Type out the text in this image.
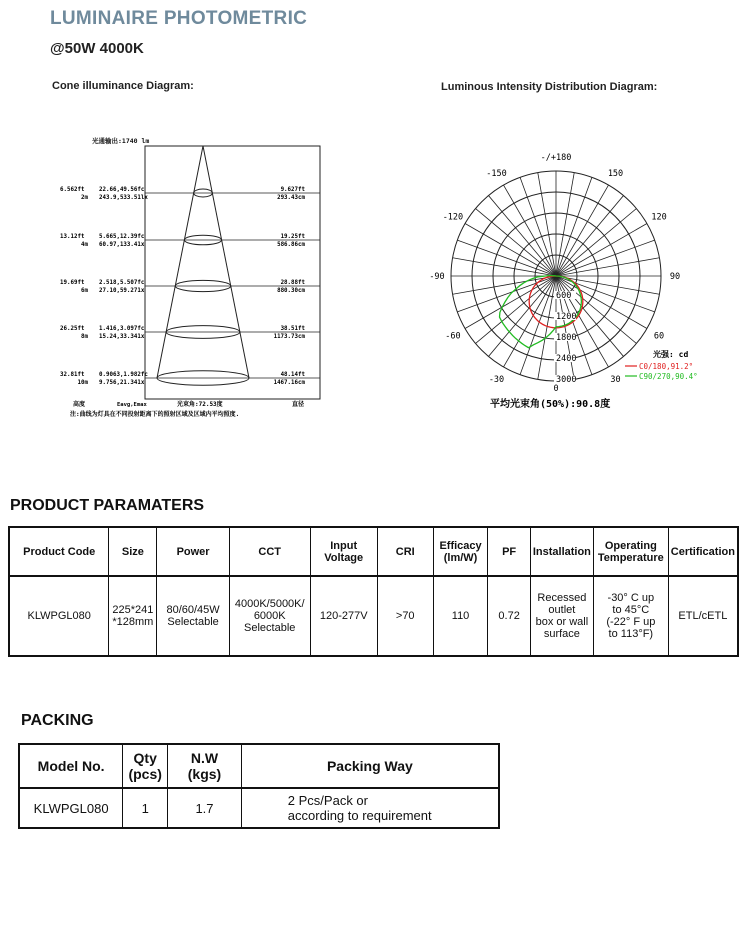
LUMINAIRE PHOTOMETRIC
@50W 4000K
Cone illuminance Diagram:
光通输出:1740 lm
6.562ft
2m
22.66,49.56fc
243.9,533.51lx
9.627ft
293.43cm
13.12ft
4m
5.665,12.39fc
60.97,133.41x
19.25ft
586.86cm
19.69ft
6m
2.518,5.507fc
27.10,59.271x
28.88ft
880.30cm
26.25ft
8m
1.416,3.097fc
15.24,33.341x
38.51ft
1173.73cm
32.81ft
10m
0.9063,1.982fc
9.756,21.341x
48.14ft
1467.16cm
高度	Eavg,Emax	光束角:72.53度	直径
注:曲线为灯具在不同投射距离下的照射区域及区域内平均照度.
Luminous Intensity Distribution Diagram:
-/+180
-150	150
-120	120
-90	90
-60	60
-30	30
0
600
1200
1800
2400
3000
光强: cd
C0/180,91.2°
C90/270,90.4°
平均光束角(50%):90.8度
PRODUCT PARAMATERS
Product Code	Size	Power	CCT	Input
Voltage	CRI	Efficacy
(lm/W)	PF	Installation	Operating
Temperature	Certification
KLWPGL080	225*241
*128mm	80/60/45W
Selectable	4000K/5000K/
6000K
Selectable	120-277V	>70	110	0.72	Recessed
outlet
box or wall
surface	-30° C up
to 45°C
(-22° F up
to 113°F)	ETL/cETL
PACKING
Model No.	Qty
(pcs)	N.W
(kgs)	Packing Way
KLWPGL080	1	1.7	2 Pcs/Pack or
according to requirement
